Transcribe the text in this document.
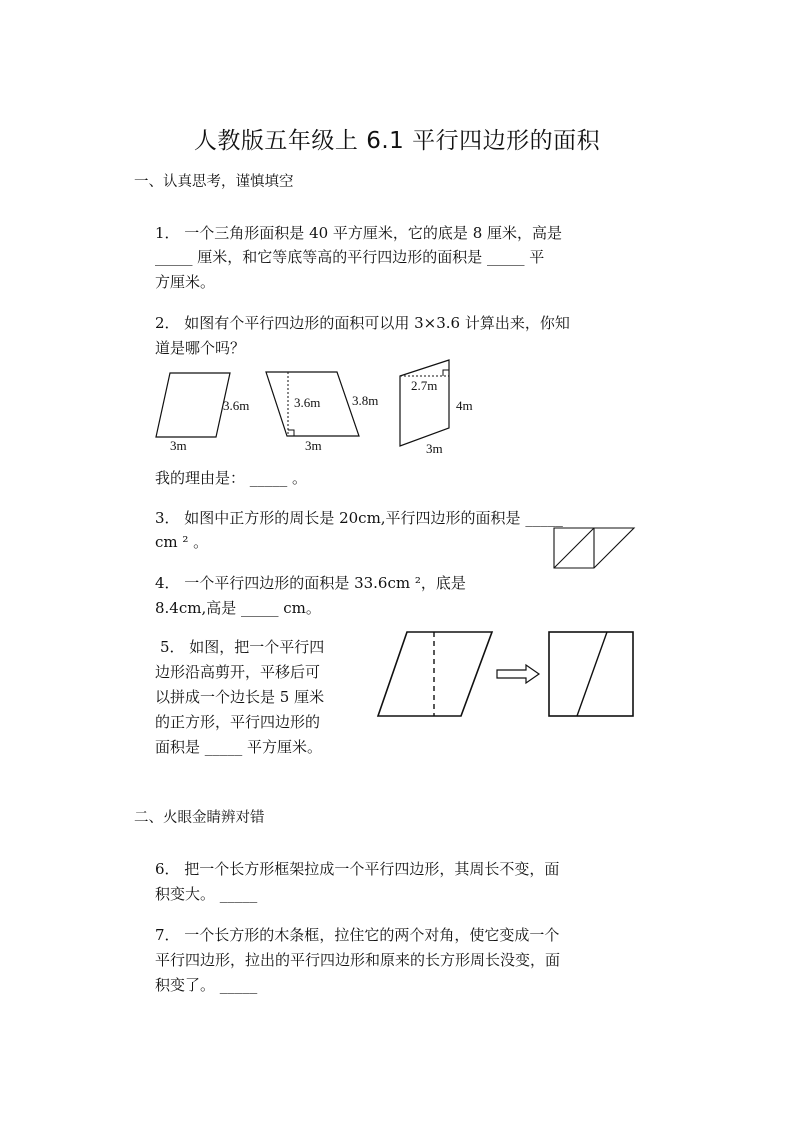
人教版五年级上 6.1 平行四边形的面积
一、认真思考，谨慎填空
1． 一个三角形面积是 40 平方厘米，它的底是 8 厘米，高是
_____ 厘米，和它等底等高的平行四边形的面积是 _____ 平
方厘米。
2． 如图有个平行四边形的面积可以用 3×3.6 计算出来，你知
道是哪个吗？
3.6m
3m
3.6m 3.8m
3m
2.7m
4m
3m
我的理由是： _____ 。
3． 如图中正方形的周长是 20cm,平行四边形的面积是 _____
cm ² 。
4． 一个平行四边形的面积是 33.6cm ²，底是
8.4cm,高是 _____ cm。
5． 如图，把一个平行四
边形沿高剪开，平移后可
以拼成一个边长是 5 厘米
的正方形，平行四边形的
面积是 _____ 平方厘米。
二、火眼金睛辨对错
6． 把一个长方形框架拉成一个平行四边形，其周长不变，面
积变大。 _____
7． 一个长方形的木条框，拉住它的两个对角，使它变成一个
平行四边形，拉出的平行四边形和原来的长方形周长没变，面
积变了。 _____
